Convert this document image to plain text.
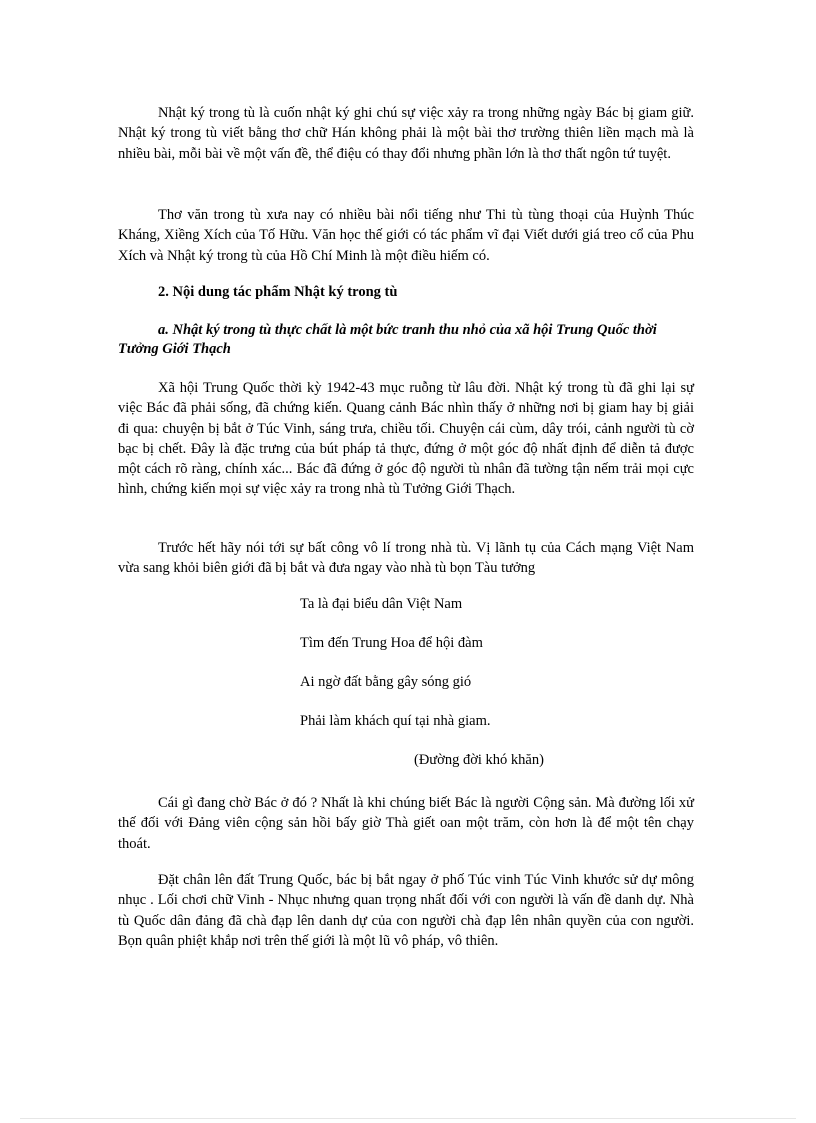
Nhật ký trong tù là cuốn nhật ký ghi chú sự việc xảy ra trong những ngày Bác bị giam giữ. Nhật ký trong tù viết bằng thơ chữ Hán không phải là một bài thơ trường thiên liền mạch mà là nhiều bài, mỗi bài về một vấn đề, thể điệu có thay đổi nhưng phần lớn là thơ thất ngôn tứ tuyệt.

Thơ văn trong tù xưa nay có nhiều bài nổi tiếng như Thi tù tùng thoại của Huỳnh Thúc Kháng, Xiềng Xích của Tố Hữu. Văn học thế giới có tác phẩm vĩ đại Viết dưới giá treo cổ của Phu Xích và Nhật ký trong tù của Hồ Chí Minh là một điều hiếm có.

2. Nội dung tác phẩm Nhật ký trong tù

a. Nhật ký trong tù thực chất là một bức tranh thu nhỏ của xã hội Trung Quốc thời Tưởng Giới Thạch

Xã hội Trung Quốc thời kỳ 1942-43 mục ruỗng từ lâu đời. Nhật ký trong tù đã ghi lại sự việc Bác đã phải sống, đã chứng kiến. Quang cảnh Bác nhìn thấy ở những nơi bị giam hay bị giải đi qua: chuyện bị bắt ở Túc Vinh, sáng trưa, chiều tối. Chuyện cái cùm, dây trói, cảnh người tù cờ bạc bị chết. Đây là đặc trưng của bút pháp tả thực, đứng ở một góc độ nhất định để diễn tả được một cách rõ ràng, chính xác... Bác đã đứng ở góc độ người tù nhân đã tường tận nếm trải mọi cực hình, chứng kiến mọi sự việc xảy ra trong nhà tù Tưởng Giới Thạch.

Trước hết hãy nói tới sự bất công vô lí trong nhà tù. Vị lãnh tụ của Cách mạng Việt Nam vừa sang khỏi biên giới đã bị bắt và đưa ngay vào nhà tù bọn Tàu tưởng

Ta là đại biểu dân Việt Nam

Tìm đến Trung Hoa để hội đàm

Ai ngờ đất bằng gây sóng gió

Phải làm khách quí tại nhà giam.

(Đường đời khó khăn)

Cái gì đang chờ Bác ở đó ? Nhất là khi chúng biết Bác là người Cộng sản. Mà đường lối xử thế đối với Đảng viên cộng sản hồi bấy giờ Thà giết oan một trăm, còn hơn là để một tên chạy thoát.

Đặt chân lên đất Trung Quốc, bác bị bắt ngay ở phố Túc vinh Túc Vinh khước sử dự mông nhục . Lối chơi chữ Vinh - Nhục nhưng quan trọng nhất đối với con người là vấn đề danh dự. Nhà tù Quốc dân đảng đã chà đạp lên danh dự của con người chà đạp lên nhân quyền của con người. Bọn quân phiệt khắp nơi trên thế giới là một lũ vô pháp, vô thiên.
